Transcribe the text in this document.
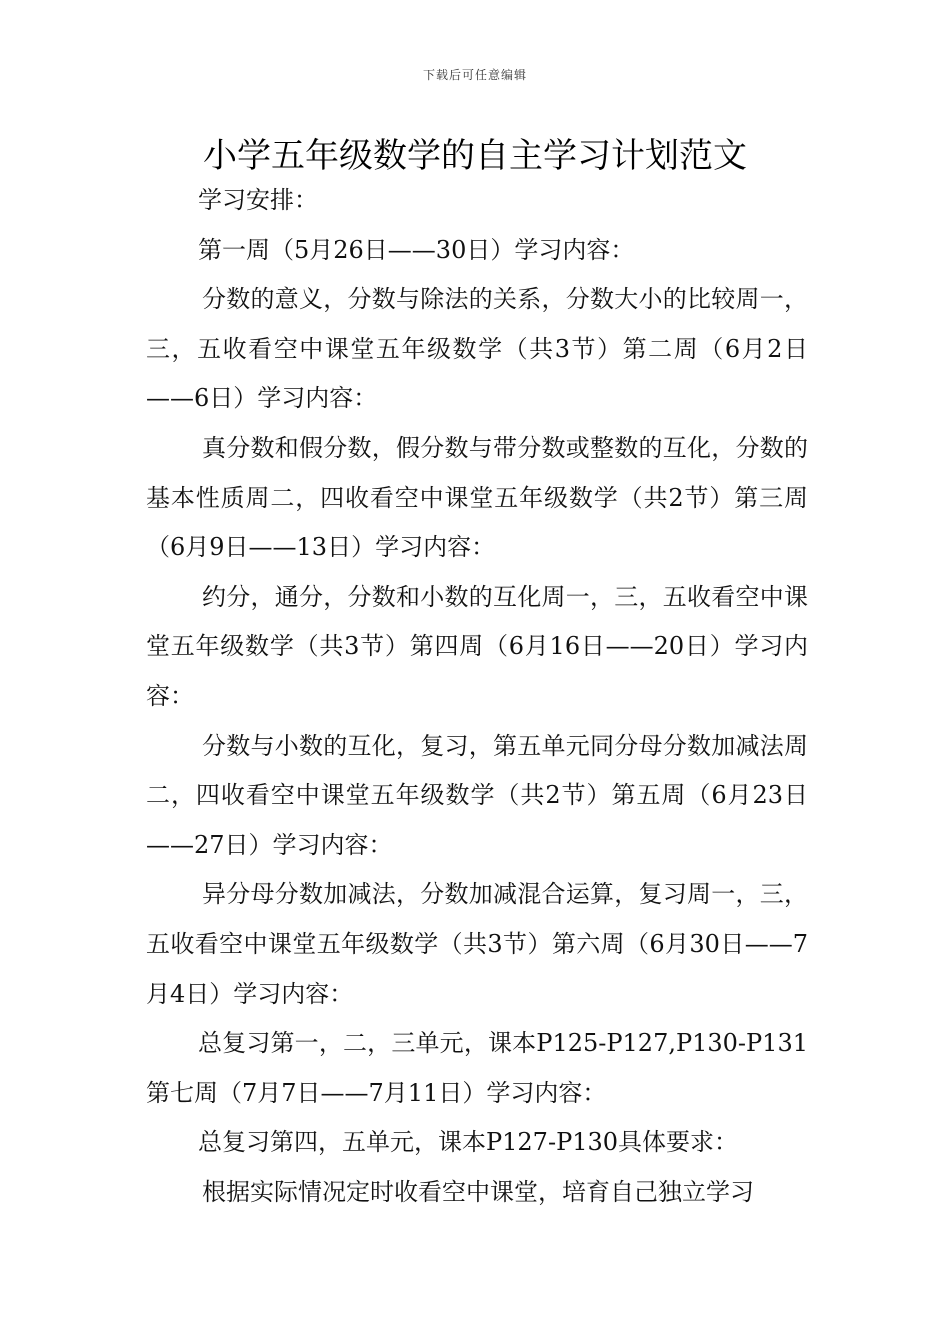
下载后可任意编辑
小学五年级数学的自主学习计划范文

学习安排：

第一周（5月26日——30日）学习内容：

分数的意义，分数与除法的关系，分数大小的比较周一，三，五收看空中课堂五年级数学（共3节）第二周（6月2日——6日）学习内容：

真分数和假分数，假分数与带分数或整数的互化，分数的基本性质周二，四收看空中课堂五年级数学（共2节）第三周（6月9日——13日）学习内容：

约分，通分，分数和小数的互化周一，三，五收看空中课堂五年级数学（共3节）第四周（6月16日——20日）学习内容：

分数与小数的互化，复习，第五单元同分母分数加减法周二，四收看空中课堂五年级数学（共2节）第五周（6月23日——27日）学习内容：

异分母分数加减法，分数加减混合运算，复习周一，三，五收看空中课堂五年级数学（共3节）第六周（6月30日——7月4日）学习内容：

总复习第一，二，三单元，课本P125-P127,P130-P131第七周（7月7日——7月11日）学习内容：

总复习第四，五单元，课本P127-P130具体要求：

根据实际情况定时收看空中课堂，培育自己独立学习
